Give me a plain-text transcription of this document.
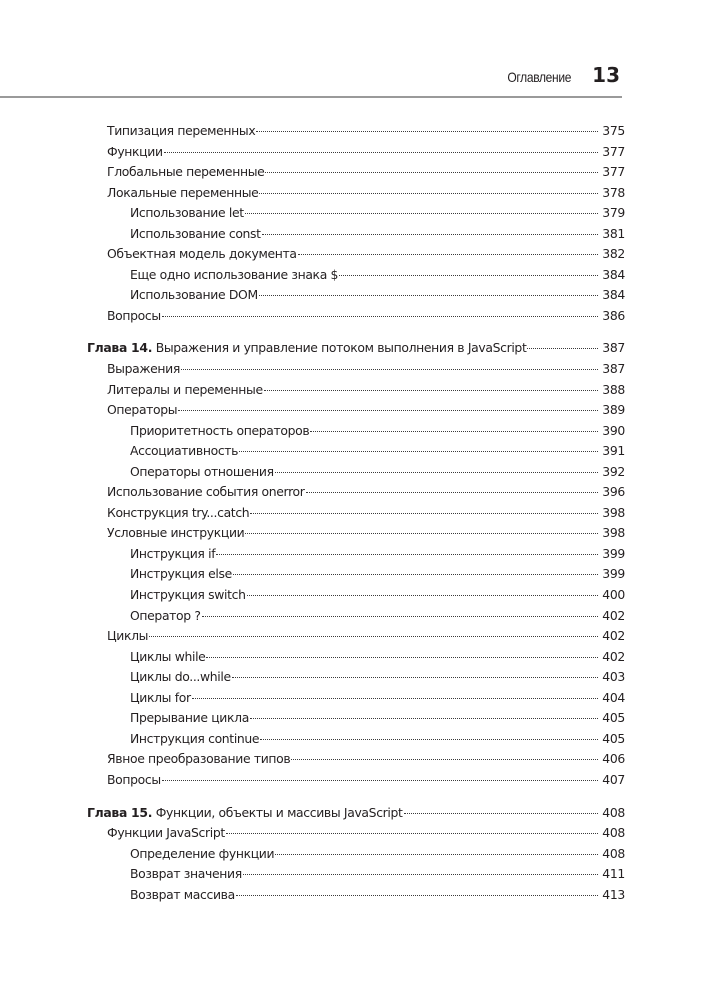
Оглавление 13
Типизация переменных	375
Функции	377
Глобальные переменные	377
Локальные переменные	378
Использование let	379
Использование const	381
Объектная модель документа	382
Еще одно использование знака $	384
Использование DOM	384
Вопросы	386
Глава 14. Выражения и управление потоком выполнения в JavaScript	387
Выражения	387
Литералы и переменные	388
Операторы	389
Приоритетность операторов	390
Ассоциативность	391
Операторы отношения	392
Использование события onerror	396
Конструкция try...catch	398
Условные инструкции	398
Инструкция if	399
Инструкция else	399
Инструкция switch	400
Оператор ?	402
Циклы	402
Циклы while	402
Циклы do...while	403
Циклы for	404
Прерывание цикла	405
Инструкция continue	405
Явное преобразование типов	406
Вопросы	407
Глава 15. Функции, объекты и массивы JavaScript	408
Функции JavaScript	408
Определение функции	408
Возврат значения	411
Возврат массива	413
